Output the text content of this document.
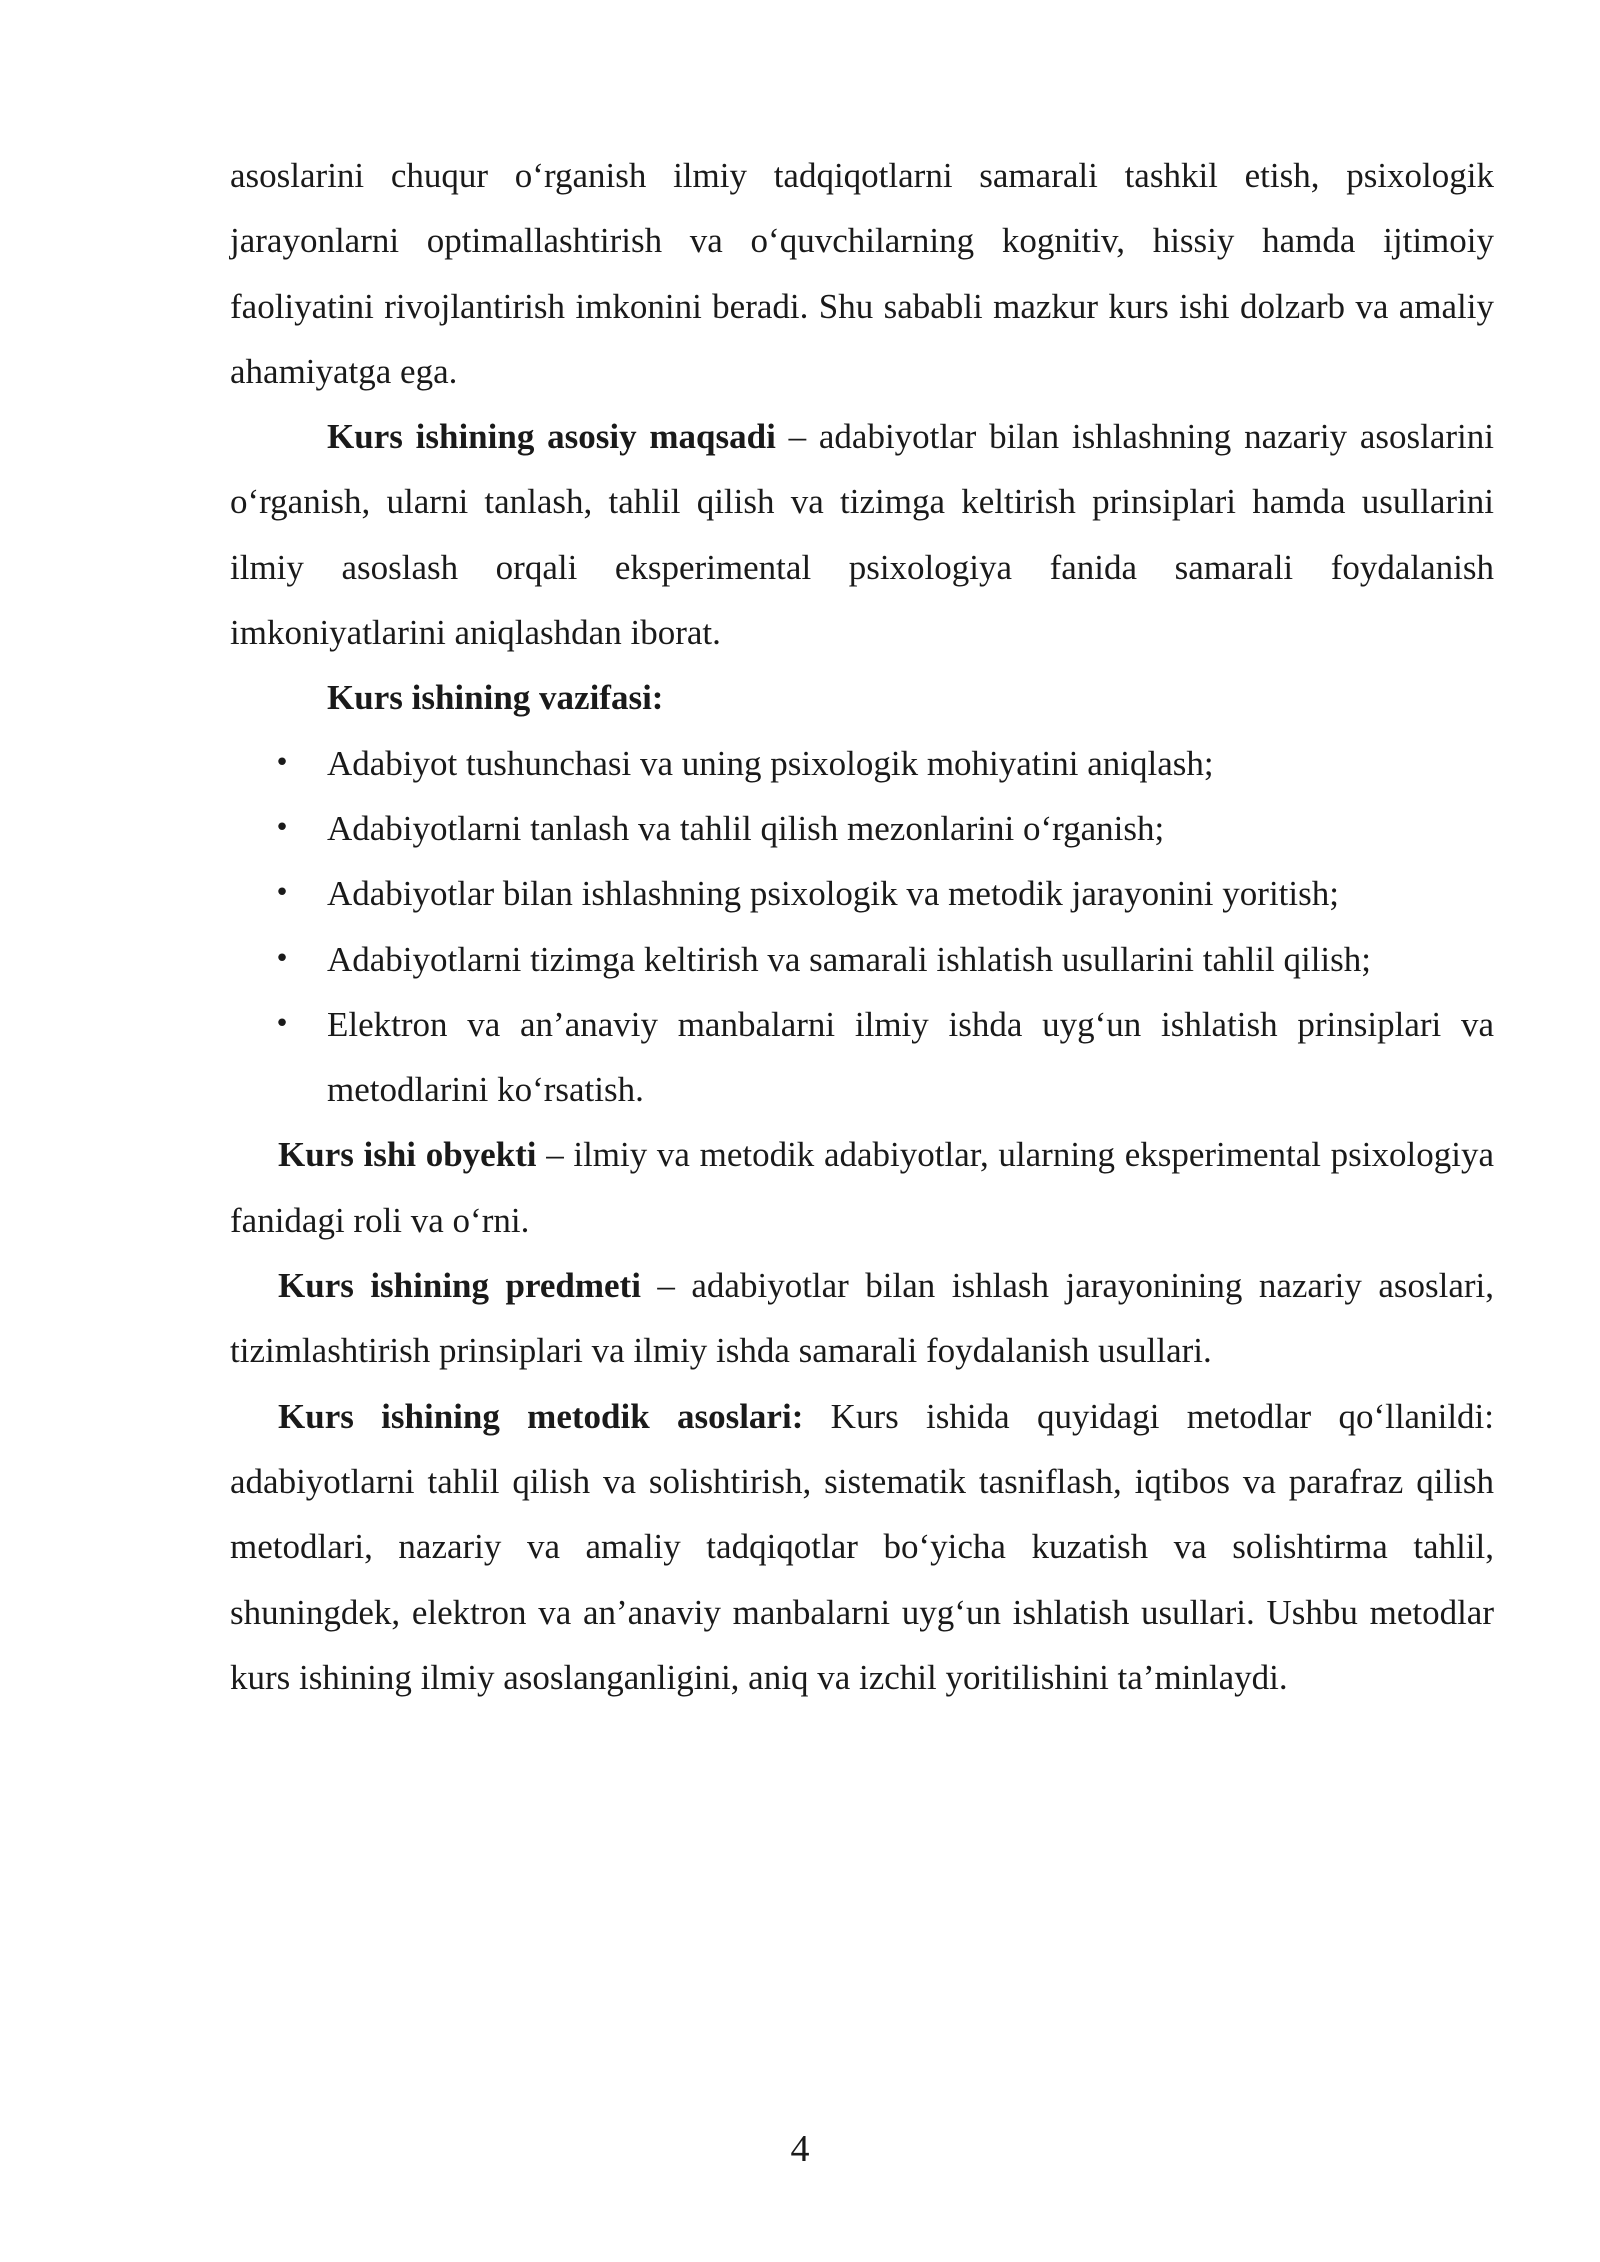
asoslarini chuqur o‘rganish ilmiy tadqiqotlarni samarali tashkil etish, psixologik jarayonlarni optimallashtirish va o‘quvchilarning kognitiv, hissiy hamda ijtimoiy faoliyatini rivojlantirish imkonini beradi. Shu sababli mazkur kurs ishi dolzarb va amaliy ahamiyatga ega.

Kurs ishining asosiy maqsadi – adabiyotlar bilan ishlashning nazariy asoslarini o‘rganish, ularni tanlash, tahlil qilish va tizimga keltirish prinsiplari hamda usullarini ilmiy asoslash orqali eksperimental psixologiya fanida samarali foydalanish imkoniyatlarini aniqlashdan iborat.

Kurs ishining vazifasi:

• Adabiyot tushunchasi va uning psixologik mohiyatini aniqlash;
• Adabiyotlarni tanlash va tahlil qilish mezonlarini o‘rganish;
• Adabiyotlar bilan ishlashning psixologik va metodik jarayonini yoritish;
• Adabiyotlarni tizimga keltirish va samarali ishlatish usullarini tahlil qilish;
• Elektron va an’anaviy manbalarni ilmiy ishda uyg‘un ishlatish prinsiplari va metodlarini ko‘rsatish.

Kurs ishi obyekti – ilmiy va metodik adabiyotlar, ularning eksperimental psixologiya fanidagi roli va o‘rni.

Kurs ishining predmeti – adabiyotlar bilan ishlash jarayonining nazariy asoslari, tizimlashtirish prinsiplari va ilmiy ishda samarali foydalanish usullari.

Kurs ishining metodik asoslari: Kurs ishida quyidagi metodlar qo‘llanildi: adabiyotlarni tahlil qilish va solishtirish, sistematik tasniflash, iqtibos va parafraz qilish metodlari, nazariy va amaliy tadqiqotlar bo‘yicha kuzatish va solishtirma tahlil, shuningdek, elektron va an’anaviy manbalarni uyg‘un ishlatish usullari. Ushbu metodlar kurs ishining ilmiy asoslanganligini, aniq va izchil yoritilishini ta’minlaydi.

4
